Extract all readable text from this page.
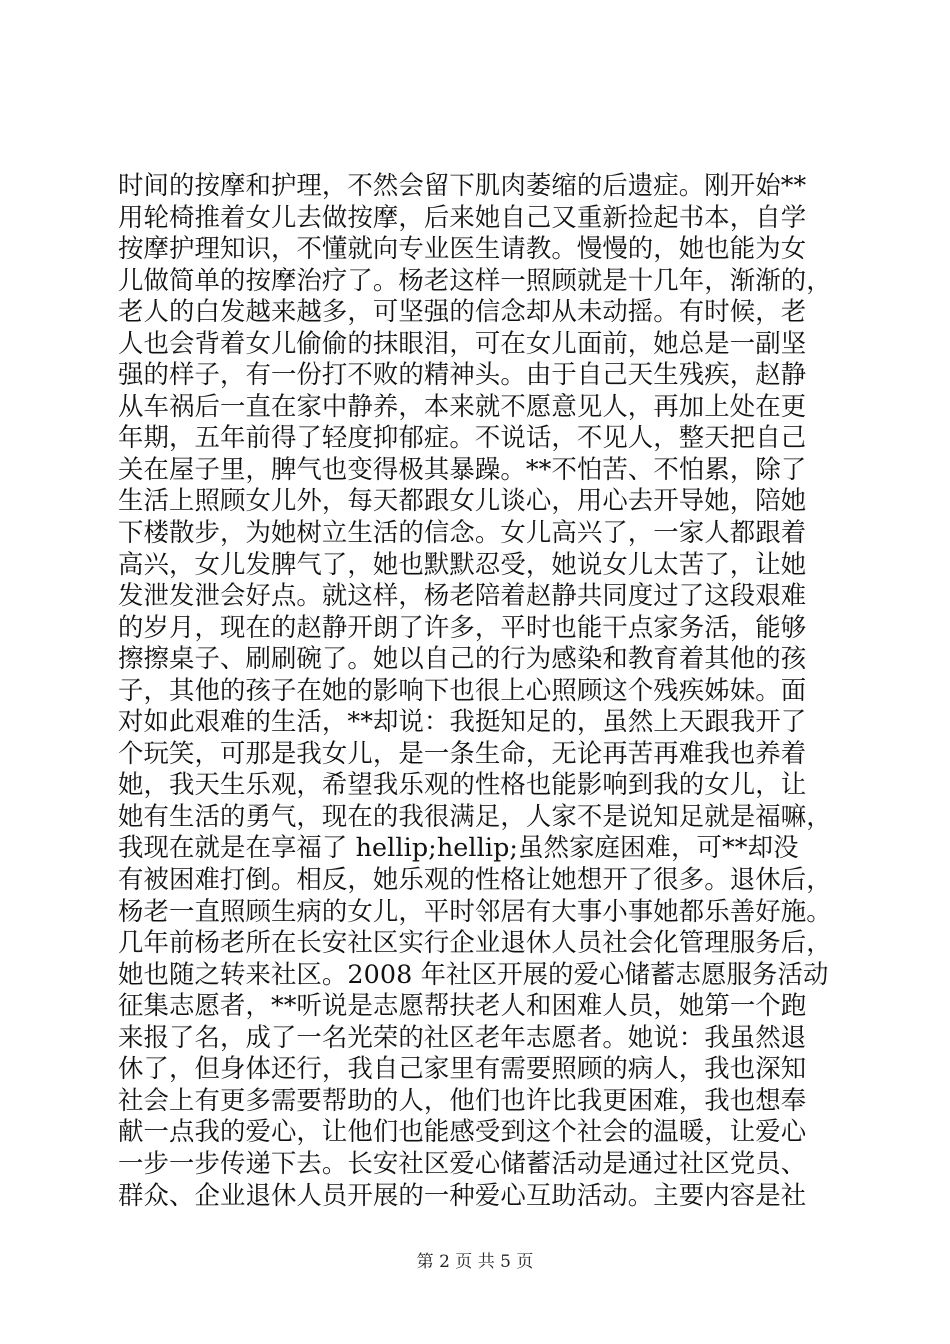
时间的按摩和护理，不然会留下肌肉萎缩的后遗症。刚开始**
用轮椅推着女儿去做按摩，后来她自己又重新捡起书本，自学
按摩护理知识，不懂就向专业医生请教。慢慢的，她也能为女
儿做简单的按摩治疗了。杨老这样一照顾就是十几年，渐渐的，
老人的白发越来越多，可坚强的信念却从未动摇。有时候，老
人也会背着女儿偷偷的抹眼泪，可在女儿面前，她总是一副坚
强的样子，有一份打不败的精神头。由于自己天生残疾，赵静
从车祸后一直在家中静养，本来就不愿意见人，再加上处在更
年期，五年前得了轻度抑郁症。不说话，不见人，整天把自己
关在屋子里，脾气也变得极其暴躁。**不怕苦、不怕累，除了
生活上照顾女儿外，每天都跟女儿谈心，用心去开导她，陪她
下楼散步，为她树立生活的信念。女儿高兴了，一家人都跟着
高兴，女儿发脾气了，她也默默忍受，她说女儿太苦了，让她
发泄发泄会好点。就这样，杨老陪着赵静共同度过了这段艰难
的岁月，现在的赵静开朗了许多，平时也能干点家务活，能够
擦擦桌子、刷刷碗了。她以自己的行为感染和教育着其他的孩
子，其他的孩子在她的影响下也很上心照顾这个残疾姊妹。面
对如此艰难的生活，**却说：我挺知足的，虽然上天跟我开了
个玩笑，可那是我女儿，是一条生命，无论再苦再难我也养着
她，我天生乐观，希望我乐观的性格也能影响到我的女儿，让
她有生活的勇气，现在的我很满足，人家不是说知足就是福嘛，
我现在就是在享福了 hellip;hellip;虽然家庭困难，可**却没
有被困难打倒。相反，她乐观的性格让她想开了很多。退休后，
杨老一直照顾生病的女儿，平时邻居有大事小事她都乐善好施。
几年前杨老所在长安社区实行企业退休人员社会化管理服务后，
她也随之转来社区。2008 年社区开展的爱心储蓄志愿服务活动
征集志愿者，**听说是志愿帮扶老人和困难人员，她第一个跑
来报了名，成了一名光荣的社区老年志愿者。她说：我虽然退
休了，但身体还行，我自己家里有需要照顾的病人，我也深知
社会上有更多需要帮助的人，他们也许比我更困难，我也想奉
献一点我的爱心，让他们也能感受到这个社会的温暖，让爱心
一步一步传递下去。长安社区爱心储蓄活动是通过社区党员、
群众、企业退休人员开展的一种爱心互助活动。主要内容是社

第 2 页 共 5 页
